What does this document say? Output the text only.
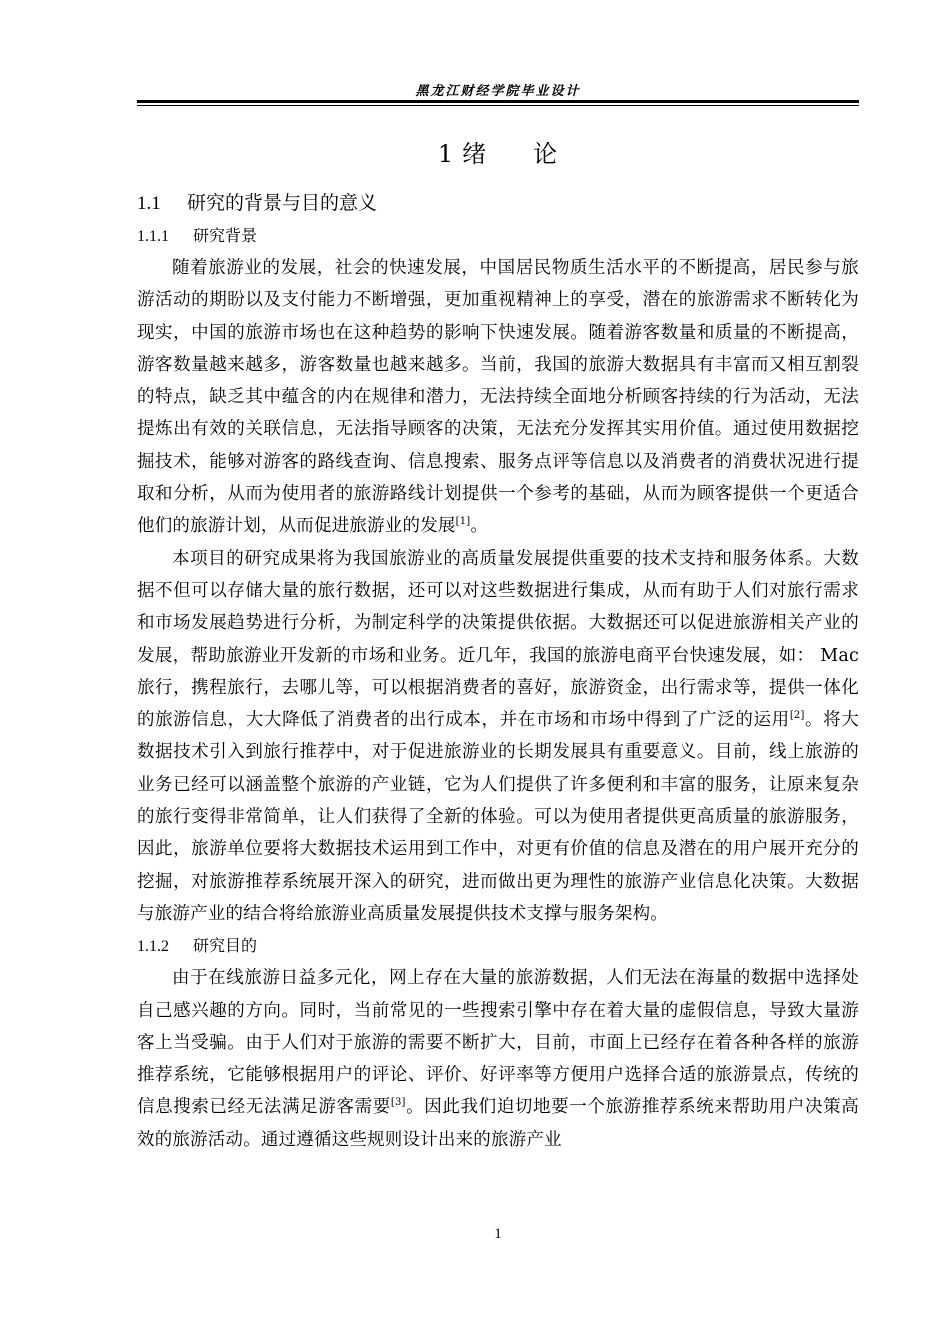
黑龙江财经学院毕业设计
1 绪 论
1.1 研究的背景与目的意义
1.1.1 研究背景

随着旅游业的发展，社会的快速发展，中国居民物质生活水平的不断提高，居民参与旅游活动的期盼以及支付能力不断增强，更加重视精神上的享受，潜在的旅游需求不断转化为现实，中国的旅游市场也在这种趋势的影响下快速发展。随着游客数量和质量的不断提高，游客数量越来越多，游客数量也越来越多。当前，我国的旅游大数据具有丰富而又相互割裂的特点，缺乏其中蕴含的内在规律和潜力，无法持续全面地分析顾客持续的行为活动，无法提炼出有效的关联信息，无法指导顾客的决策，无法充分发挥其实用价值。通过使用数据挖掘技术，能够对游客的路线查询、信息搜索、服务点评等信息以及消费者的消费状况进行提取和分析，从而为使用者的旅游路线计划提供一个参考的基础，从而为顾客提供一个更适合他们的旅游计划，从而促进旅游业的发展[1]。

本项目的研究成果将为我国旅游业的高质量发展提供重要的技术支持和服务体系。大数据不但可以存储大量的旅行数据，还可以对这些数据进行集成，从而有助于人们对旅行需求和市场发展趋势进行分析，为制定科学的决策提供依据。大数据还可以促进旅游相关产业的发展，帮助旅游业开发新的市场和业务。近几年，我国的旅游电商平台快速发展，如： Mac旅行，携程旅行，去哪儿等，可以根据消费者的喜好，旅游资金，出行需求等，提供一体化的旅游信息，大大降低了消费者的出行成本，并在市场和市场中得到了广泛的运用[2]。将大数据技术引入到旅行推荐中，对于促进旅游业的长期发展具有重要意义。目前，线上旅游的业务已经可以涵盖整个旅游的产业链，它为人们提供了许多便利和丰富的服务，让原来复杂的旅行变得非常简单，让人们获得了全新的体验。可以为使用者提供更高质量的旅游服务，因此，旅游单位要将大数据技术运用到工作中，对更有价值的信息及潜在的用户展开充分的挖掘，对旅游推荐系统展开深入的研究，进而做出更为理性的旅游产业信息化决策。大数据与旅游产业的结合将给旅游业高质量发展提供技术支撑与服务架构。

1.1.2 研究目的

由于在线旅游日益多元化，网上存在大量的旅游数据，人们无法在海量的数据中选择处自己感兴趣的方向。同时，当前常见的一些搜索引擎中存在着大量的虚假信息，导致大量游客上当受骗。由于人们对于旅游的需要不断扩大，目前，市面上已经存在着各种各样的旅游推荐系统，它能够根据用户的评论、评价、好评率等方便用户选择合适的旅游景点，传统的信息搜索已经无法满足游客需要[3]。因此我们迫切地要一个旅游推荐系统来帮助用户决策高效的旅游活动。通过遵循这些规则设计出来的旅游产业

1
